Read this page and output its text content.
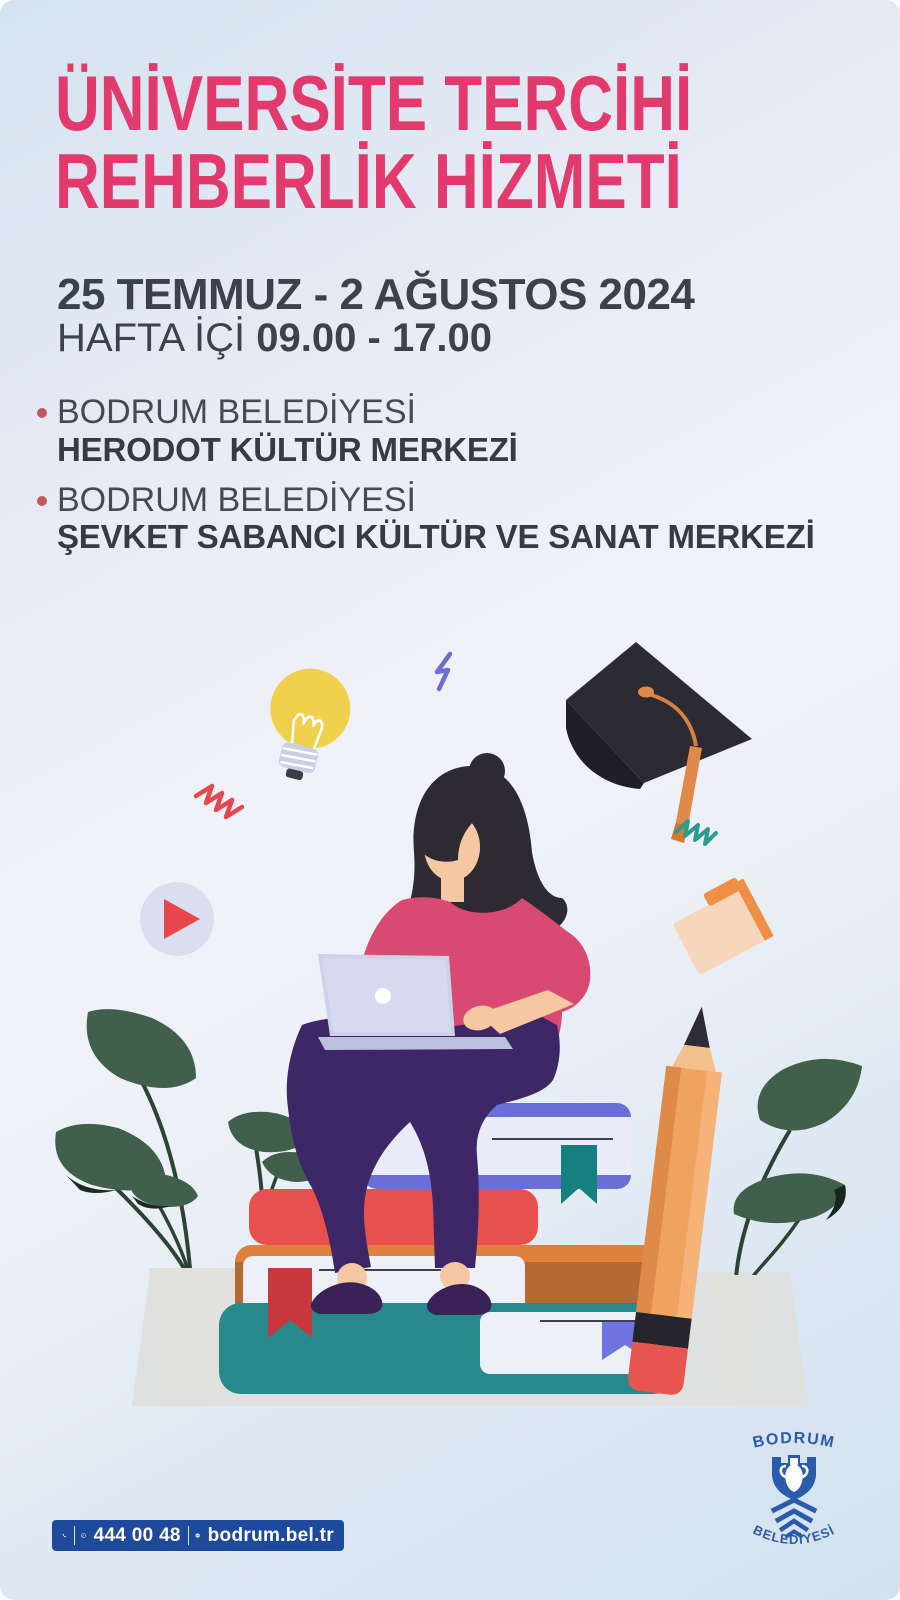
ÜNİVERSİTE TERCİHİ
REHBERLİK HİZMETİ
25 TEMMUZ - 2 AĞUSTOS 2024
HAFTA İÇİ 09.00 - 17.00
BODRUM BELEDİYESİ
HERODOT KÜLTÜR MERKEZİ
BODRUM BELEDİYESİ
ŞEVKET SABANCI KÜLTÜR VE SANAT MERKEZİ
444 00 48 www bodrum.bel.tr
BODRUM
BELEDİYESİ
